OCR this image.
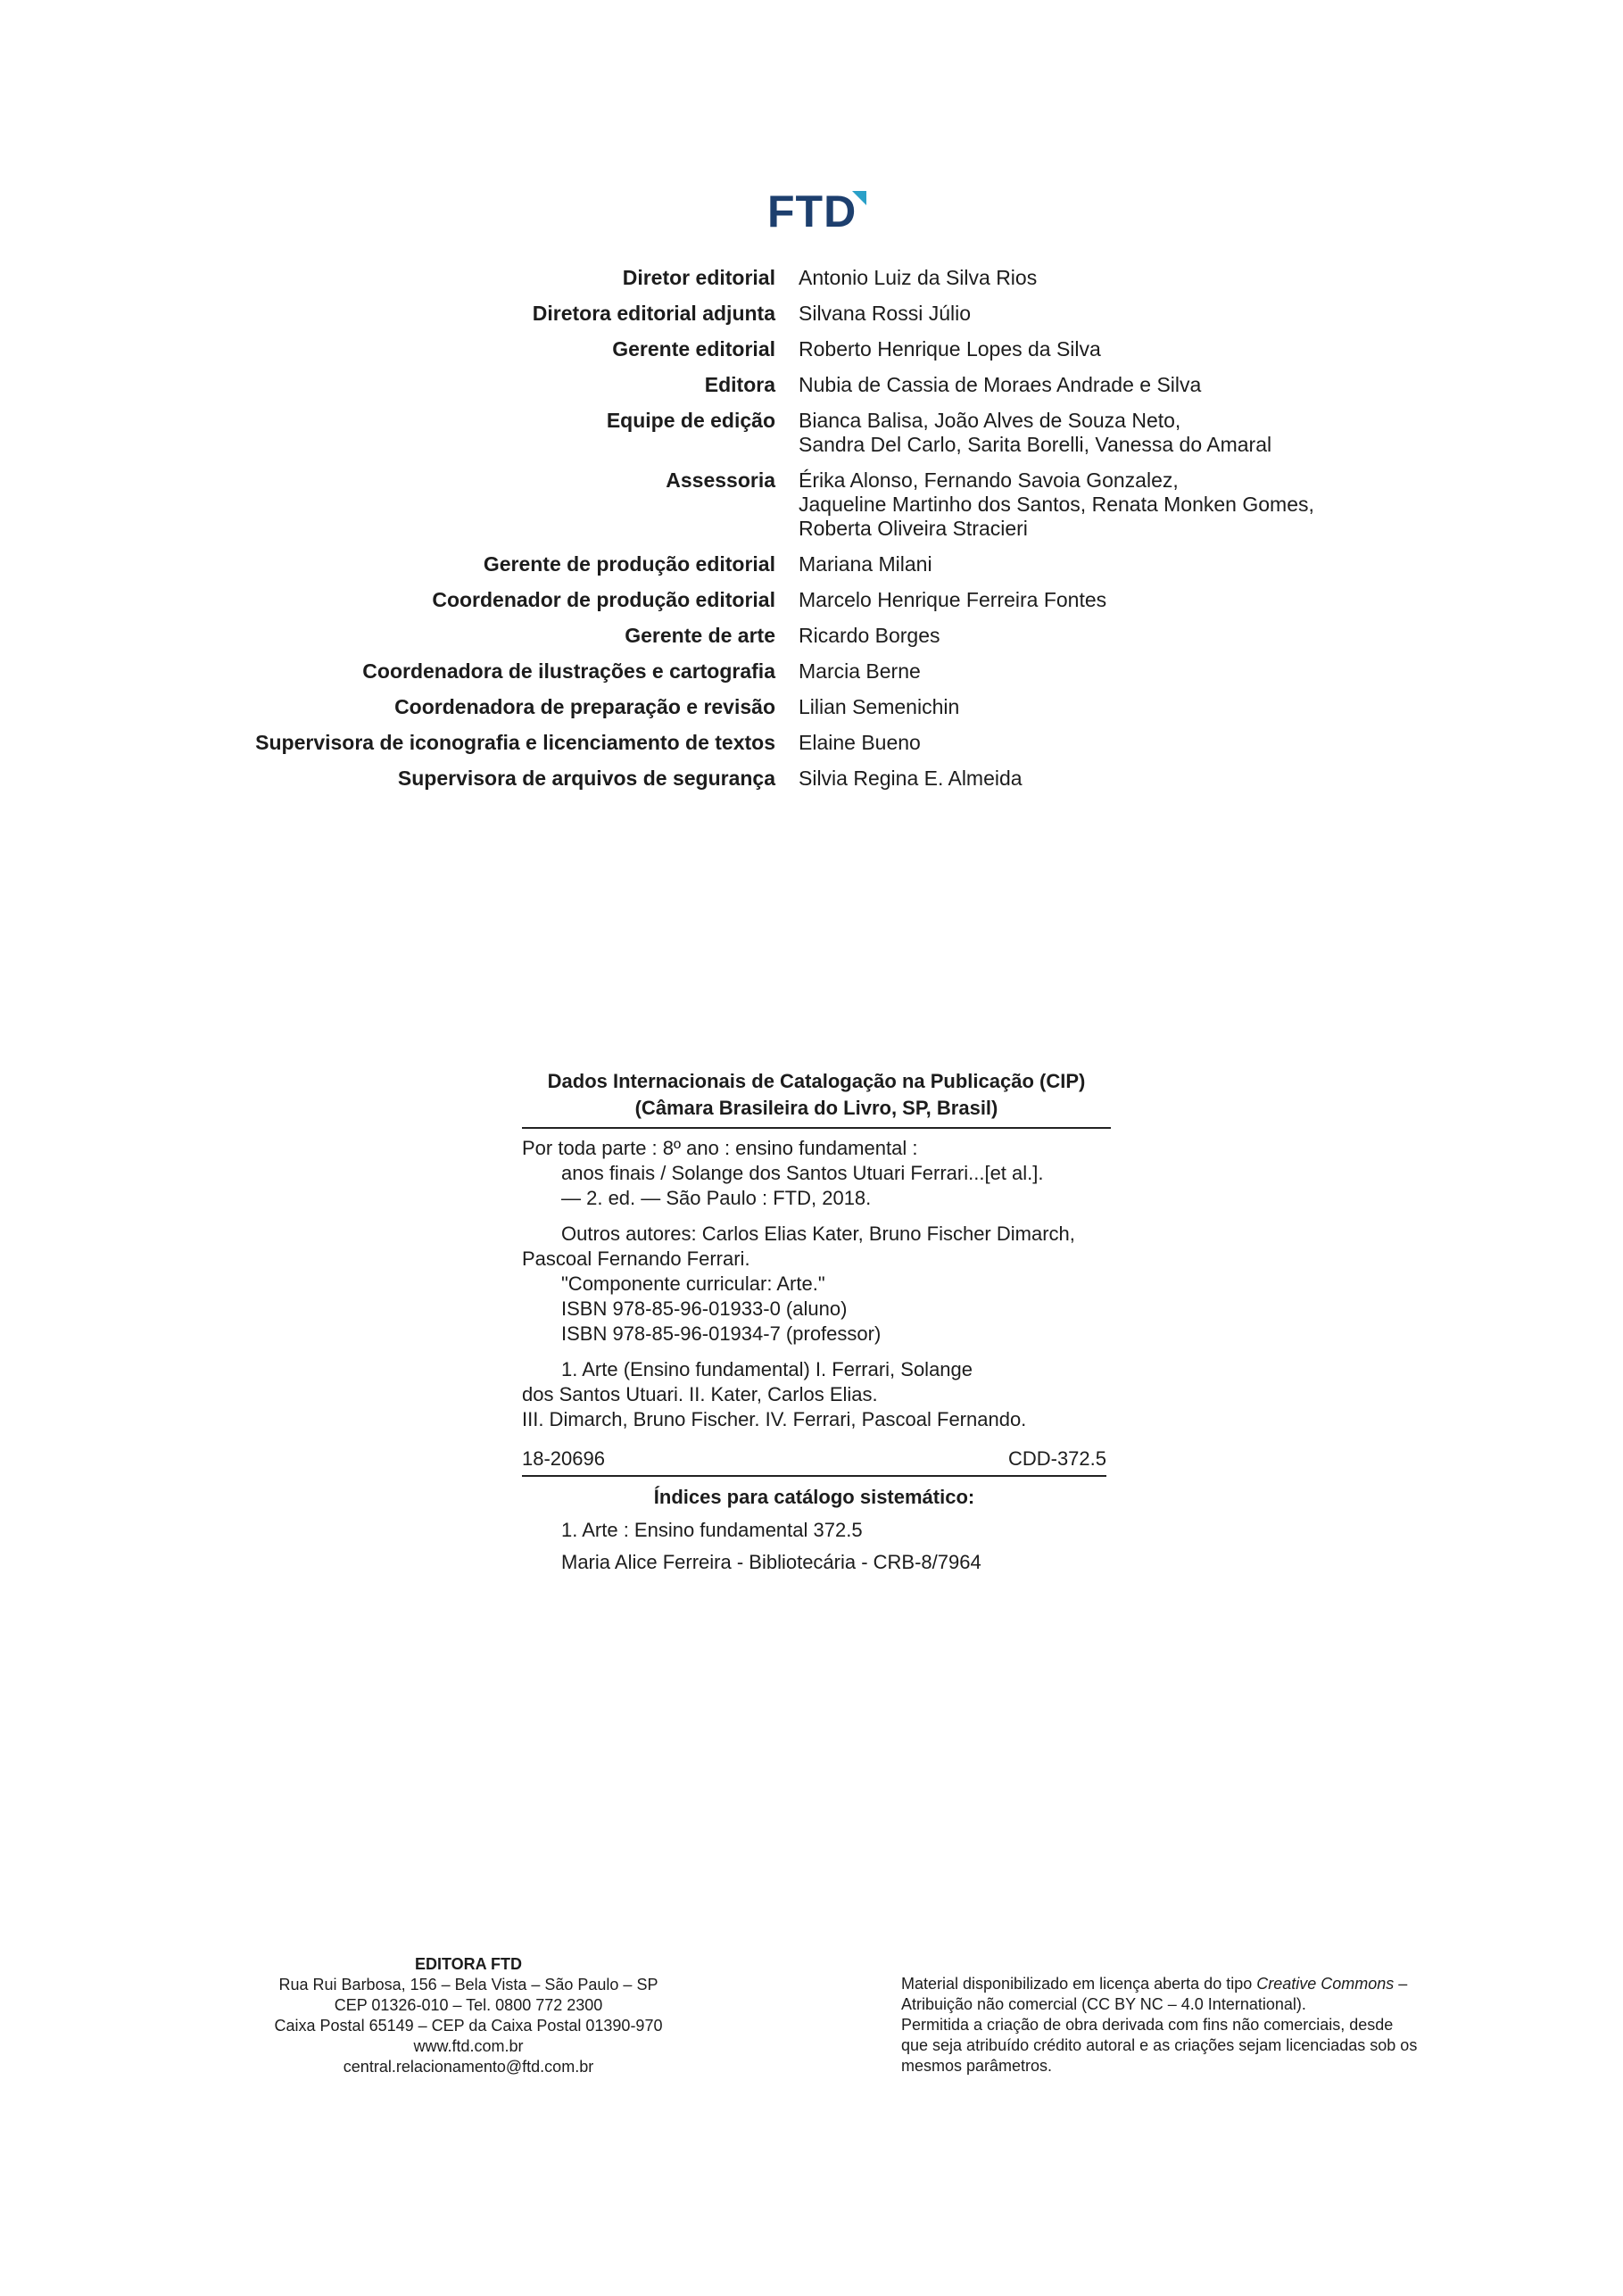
FTD
Diretor editorial	Antonio Luiz da Silva Rios
Diretora editorial adjunta	Silvana Rossi Júlio
Gerente editorial	Roberto Henrique Lopes da Silva
Editora	Nubia de Cassia de Moraes Andrade e Silva
Equipe de edição	Bianca Balisa, João Alves de Souza Neto,
Sandra Del Carlo, Sarita Borelli, Vanessa do Amaral
Assessoria	Érika Alonso, Fernando Savoia Gonzalez,
Jaqueline Martinho dos Santos, Renata Monken Gomes,
Roberta Oliveira Stracieri
Gerente de produção editorial	Mariana Milani
Coordenador de produção editorial	Marcelo Henrique Ferreira Fontes
Gerente de arte	Ricardo Borges
Coordenadora de ilustrações e cartografia	Marcia Berne
Coordenadora de preparação e revisão	Lilian Semenichin
Supervisora de iconografia e licenciamento de textos	Elaine Bueno
Supervisora de arquivos de segurança	Silvia Regina E. Almeida
Dados Internacionais de Catalogação na Publicação (CIP)
(Câmara Brasileira do Livro, SP, Brasil)
Por toda parte : 8º ano : ensino fundamental :
anos finais / Solange dos Santos Utuari Ferrari...[et al.].
— 2. ed. — São Paulo : FTD, 2018.
Outros autores: Carlos Elias Kater, Bruno Fischer Dimarch,
Pascoal Fernando Ferrari.
"Componente curricular: Arte."
ISBN 978-85-96-01933-0 (aluno)
ISBN 978-85-96-01934-7 (professor)
1. Arte (Ensino fundamental) I. Ferrari, Solange
dos Santos Utuari. II. Kater, Carlos Elias.
III. Dimarch, Bruno Fischer. IV. Ferrari, Pascoal Fernando.
18-20696	CDD-372.5
Índices para catálogo sistemático:
1. Arte : Ensino fundamental 372.5
Maria Alice Ferreira - Bibliotecária - CRB-8/7964
EDITORA FTD
Rua Rui Barbosa, 156 – Bela Vista – São Paulo – SP
CEP 01326-010 – Tel. 0800 772 2300
Caixa Postal 65149 – CEP da Caixa Postal 01390-970
www.ftd.com.br
central.relacionamento@ftd.com.br
Material disponibilizado em licença aberta do tipo Creative Commons –
Atribuição não comercial (CC BY NC – 4.0 International).
Permitida a criação de obra derivada com fins não comerciais, desde
que seja atribuído crédito autoral e as criações sejam licenciadas sob os
mesmos parâmetros.
